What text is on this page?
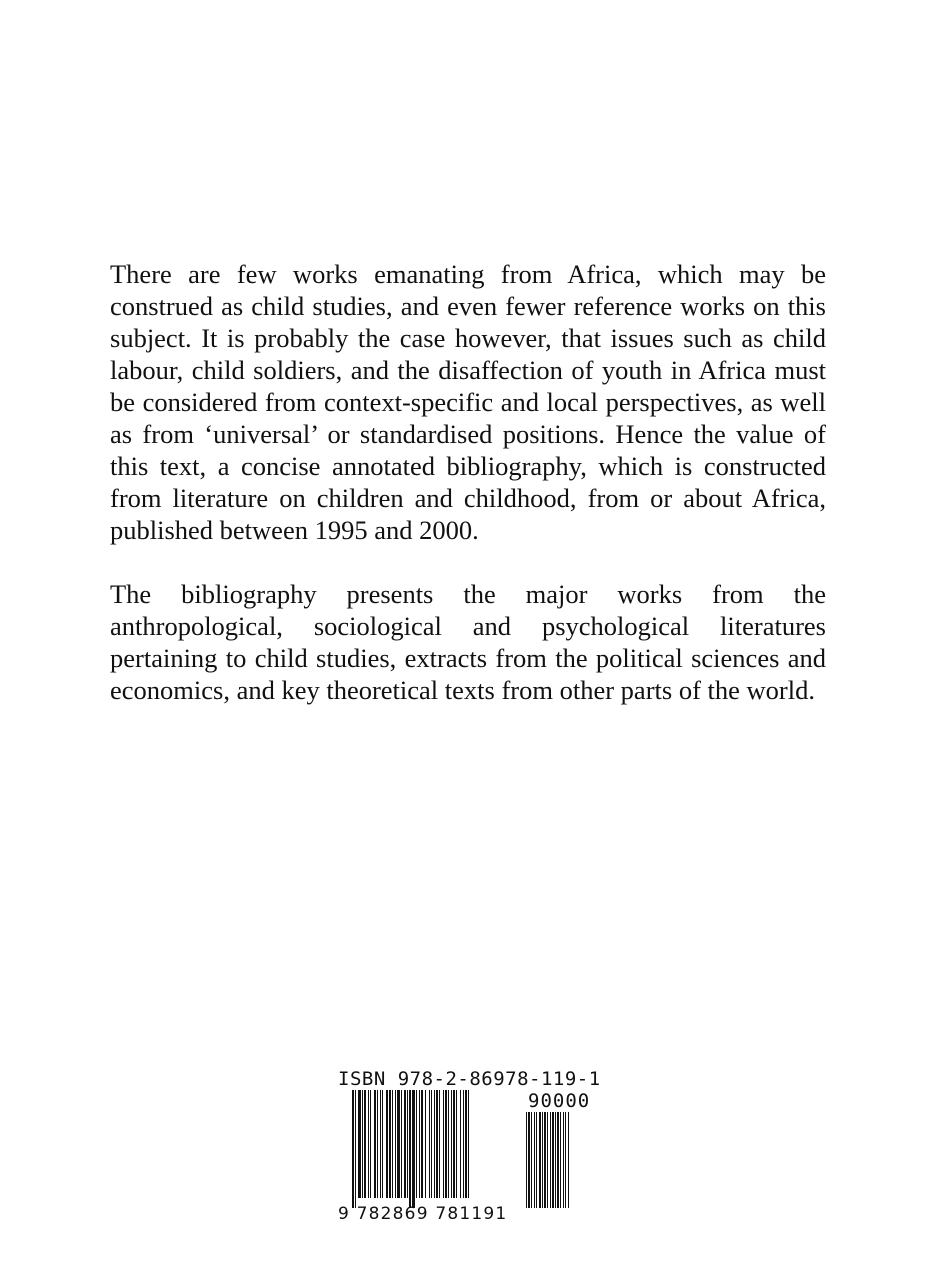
There are few works emanating from Africa, which may be construed as child studies, and even fewer reference works on this subject. It is probably the case however, that issues such as child labour, child soldiers, and the disaffection of youth in Africa must be considered from context-specific and local perspectives, as well as from ‘universal’ or standardised positions. Hence the value of this text, a concise annotated bibliography, which is constructed from literature on children and childhood, from or about Africa, published between 1995 and 2000.

The bibliography presents the major works from the anthropological, sociological and psychological literatures pertaining to child studies, extracts from the political sciences and economics, and key theoretical texts from other parts of the world.

ISBN 978-2-86978-119-1
90000
9 782869 781191
